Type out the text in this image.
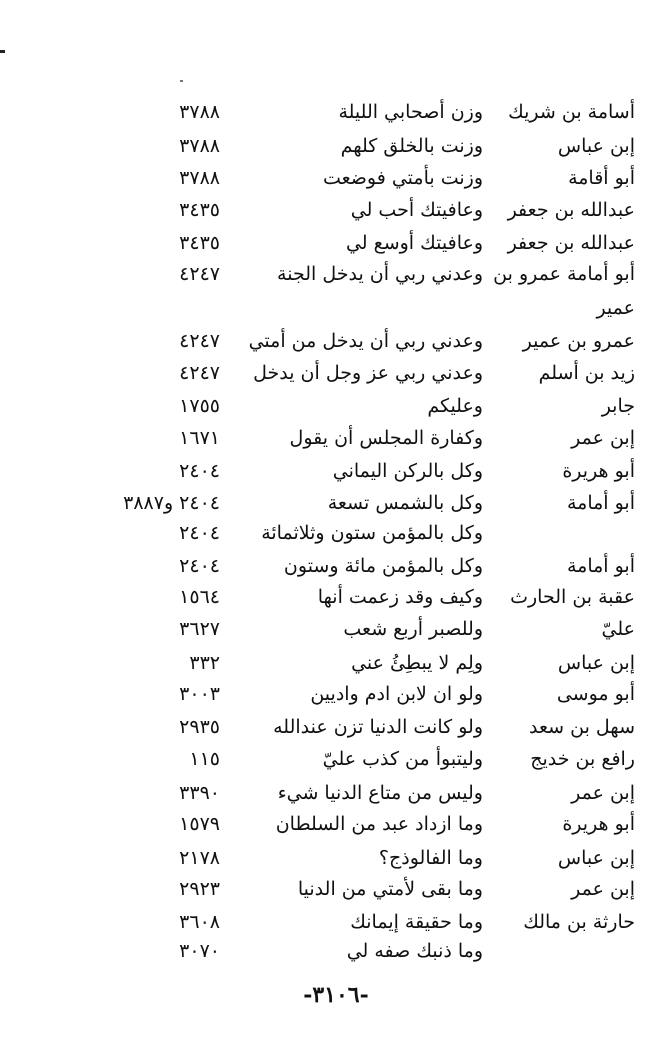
أسامة بن شريك
وزن أصحابي الليلة
٣٧٨٨
إبن عباس
وزنت بالخلق كلهم
٣٧٨٨
أبو أقامة
وزنت بأمتي فوضعت
٣٧٨٨
عبدالله بن جعفر
وعافيتك أحب لي
٣٤٣٥
عبدالله بن جعفر
وعافيتك أوسع لي
٣٤٣٥
أبو أمامة عمرو بن
وعدني ربي أن يدخل الجنة
٤٢٤٧
عمير
عمرو بن عمير
وعدني ربي أن يدخل من أمتي
٤٢٤٧
زيد بن أسلم
وعدني ربي عز وجل أن يدخل
٤٢٤٧
جابر
وعليكم
١٧٥٥
إبن عمر
وكفارة المجلس أن يقول
١٦٧١
أبو هريرة
وكل بالركن اليماني
٢٤٠٤
أبو أمامة
وكل بالشمس تسعة
٢٤٠٤ و٣٨٨٧
وكل بالمؤمن ستون وثلاثمائة
٢٤٠٤
أبو أمامة
وكل بالمؤمن مائة وستون
٢٤٠٤
عقبة بن الحارث
وكيف وقد زعمت أنها
١٥٦٤
عليّ
وللصبر أربع شعب
٣٦٢٧
إبن عباس
ولِم لا يبطِئُ عني
٣٣٢
أبو موسى
ولو ان لابن ادم واديين
٣٠٠٣
سهل بن سعد
ولو كانت الدنيا تزن عندالله
٢٩٣٥
رافع بن خديج
وليتبوأ من كذب عليّ
١١٥
إبن عمر
وليس من متاع الدنيا شيء
٣٣٩٠
أبو هريرة
وما ازداد عبد من السلطان
١٥٧٩
إبن عباس
وما الفالوذج؟
٢١٧٨
إبن عمر
وما بقى لأمتي من الدنيا
٢٩٢٣
حارثة بن مالك
وما حقيقة إيمانك
٣٦٠٨
وما ذنبك صفه لي
٣٠٧٠
-٣١٠٦-
